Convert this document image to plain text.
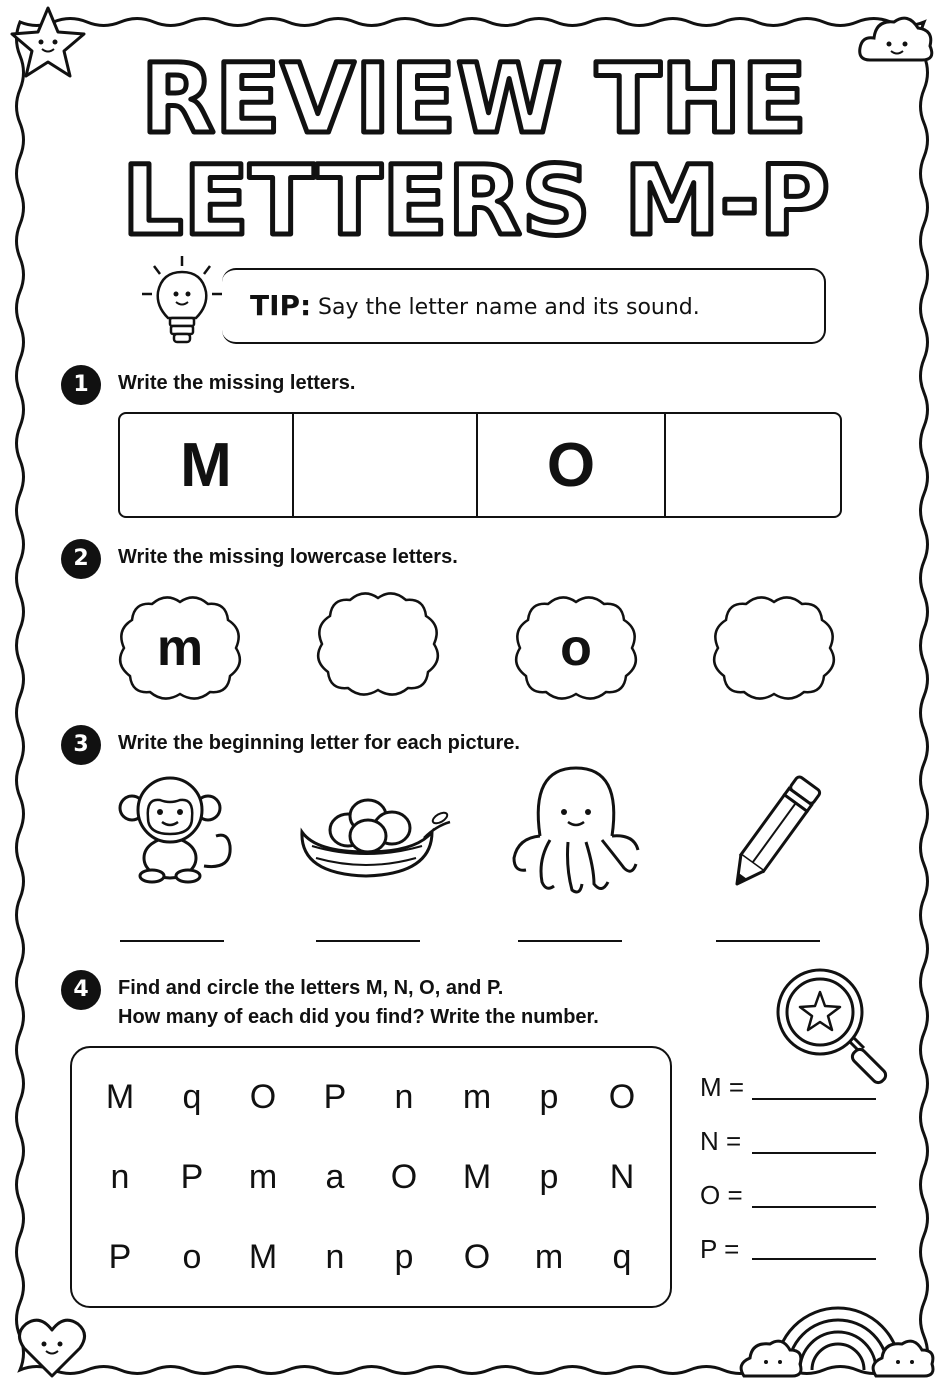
REVIEW THE
LETTERS M-P
TIP: Say the letter name and its sound.
1	Write the missing letters.
M	O
2	Write the missing lowercase letters.
m	o
3	Write the beginning letter for each picture.
4	Find and circle the letters M, N, O, and P.
How many of each did you find? Write the number.
M	q	O	P	n	m	p	O
n	P	m	a	O	M	p	N
P	o	M	n	p	O	m	q
M =
N =
O =
P =
